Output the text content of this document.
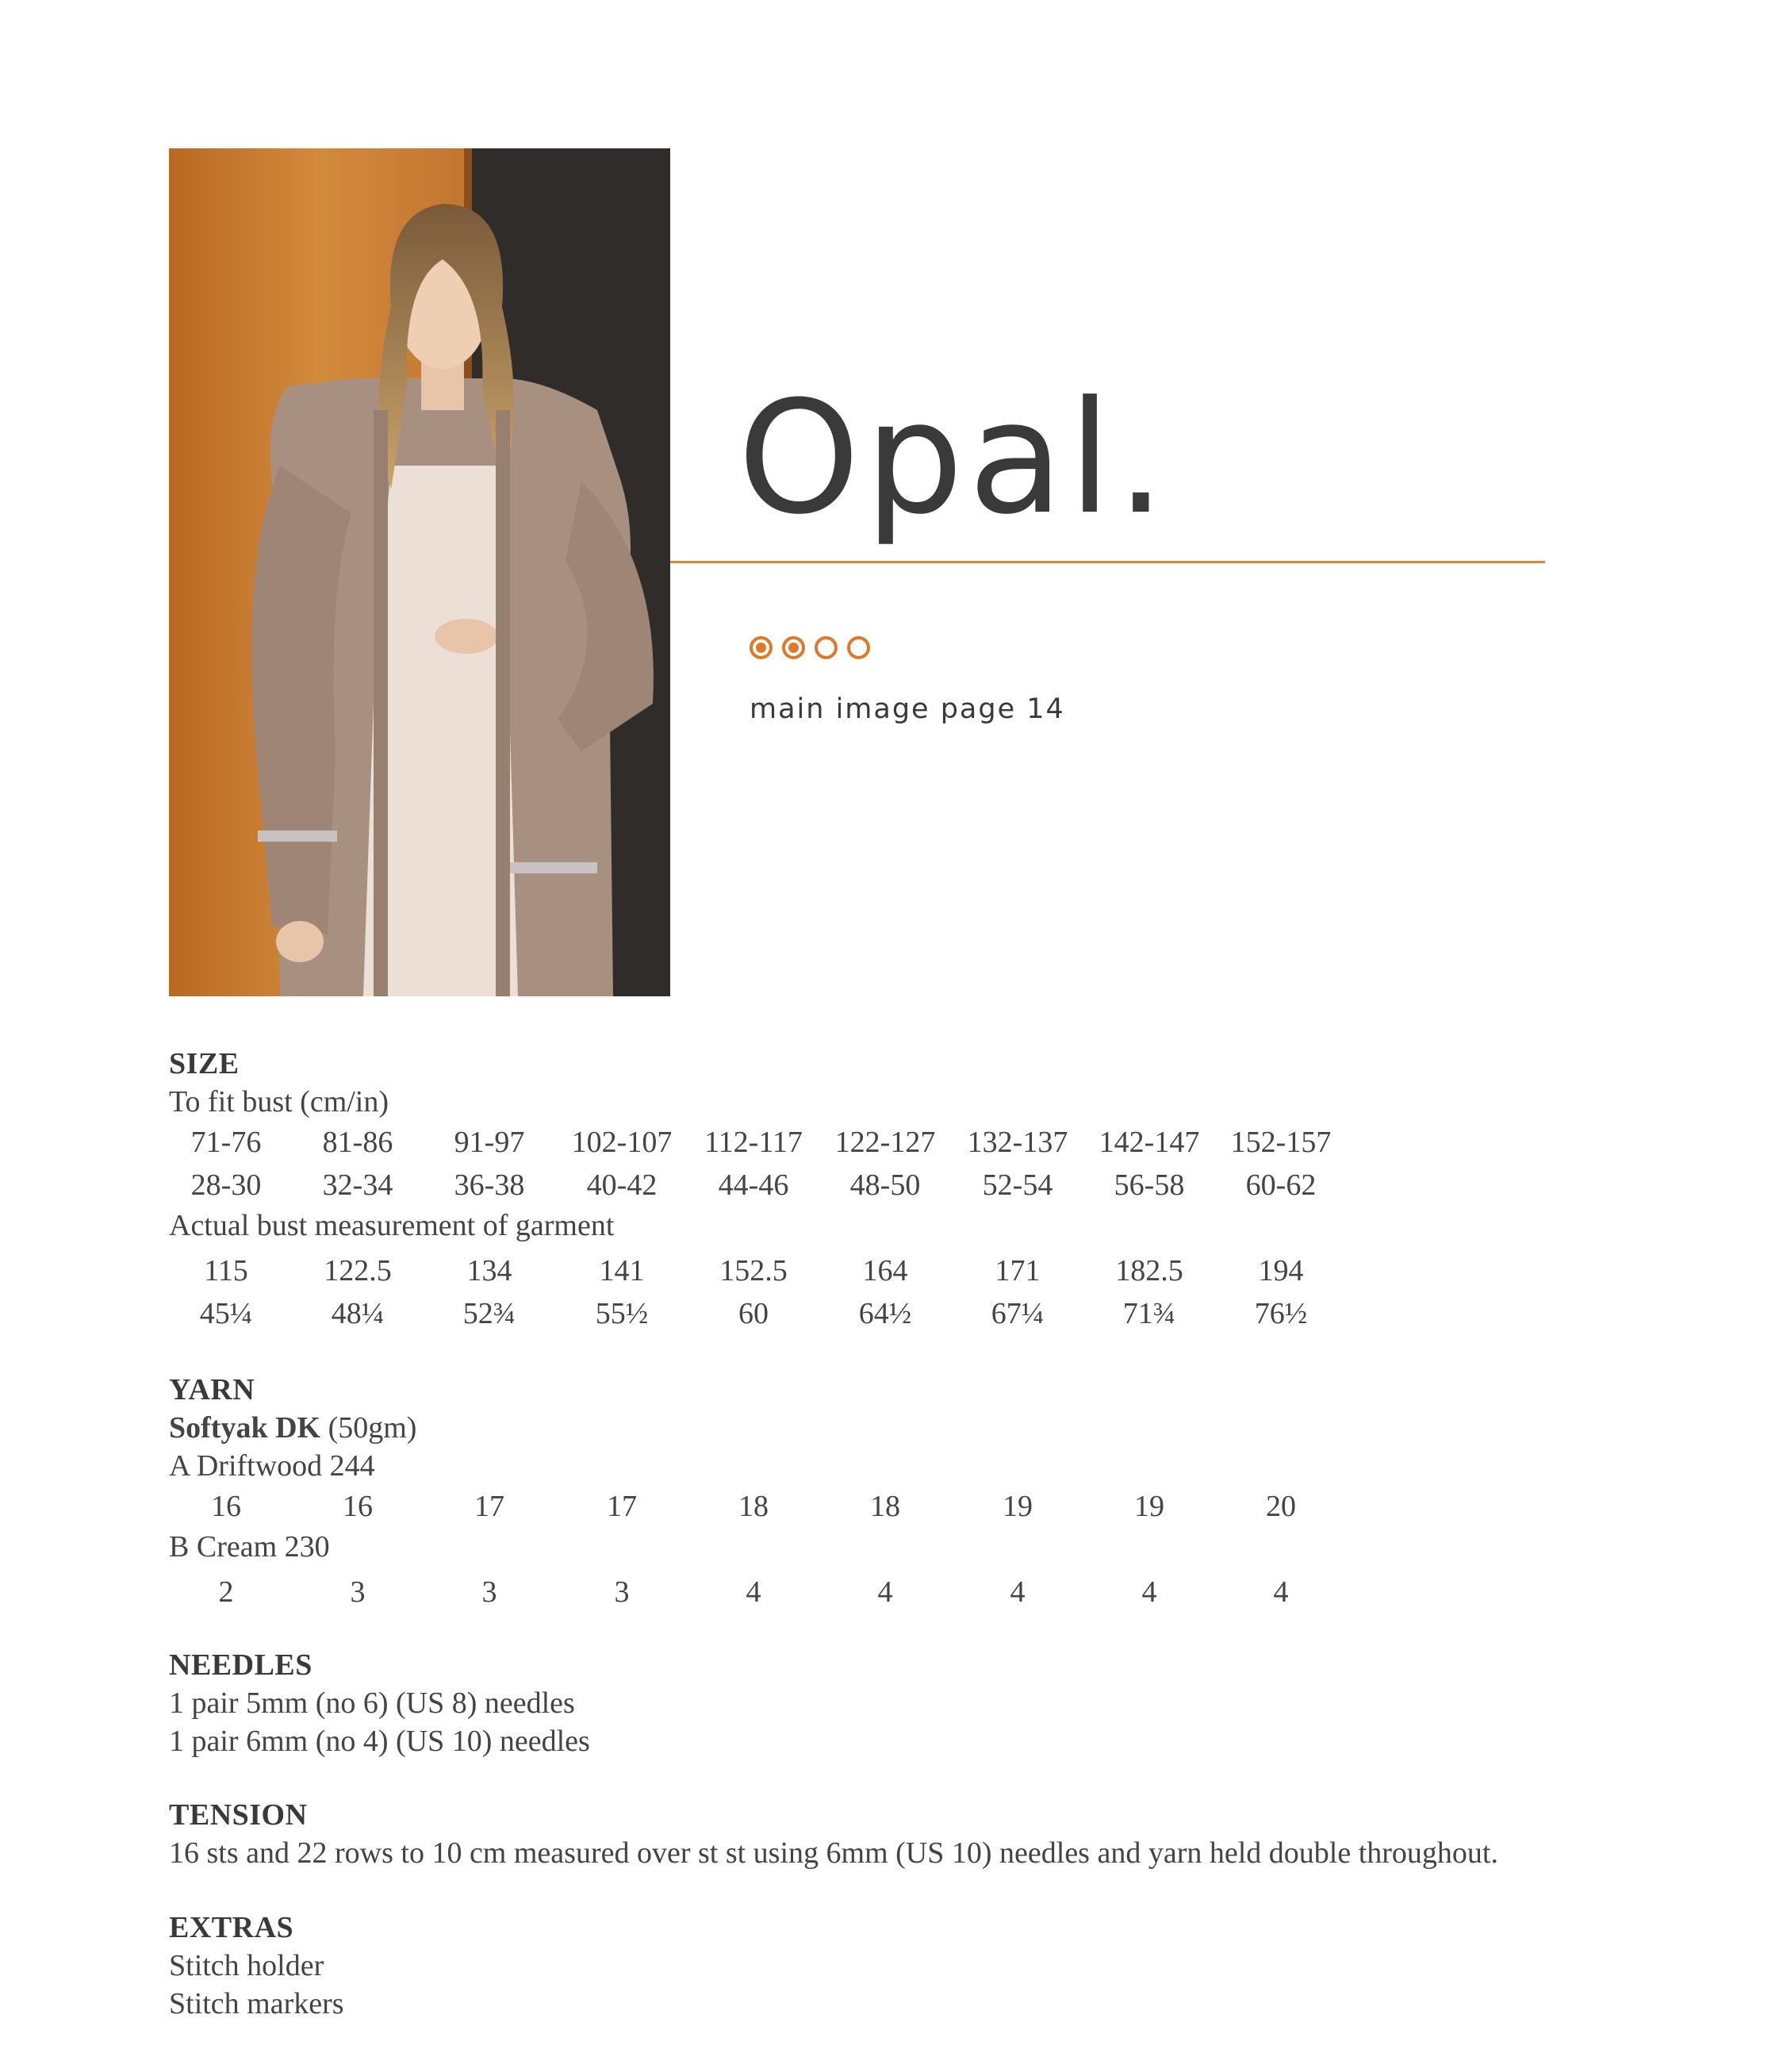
Opal.
main image page 14
SIZE
To fit bust (cm/in)
71-76	81-86	91-97	102-107	112-117	122-127	132-137	142-147	152-157
28-30	32-34	36-38	40-42	44-46	48-50	52-54	56-58	60-62
Actual bust measurement of garment
115	122.5	134	141	152.5	164	171	182.5	194
45¼	48¼	52¾	55½	60	64½	67¼	71¾	76½
YARN
Softyak DK (50gm)
A Driftwood 244
16	16	17	17	18	18	19	19	20
B Cream 230
2	3	3	3	4	4	4	4	4
NEEDLES
1 pair 5mm (no 6) (US 8) needles
1 pair 6mm (no 4) (US 10) needles
TENSION
16 sts and 22 rows to 10 cm measured over st st using 6mm (US 10) needles and yarn held double throughout.
EXTRAS
Stitch holder
Stitch markers
